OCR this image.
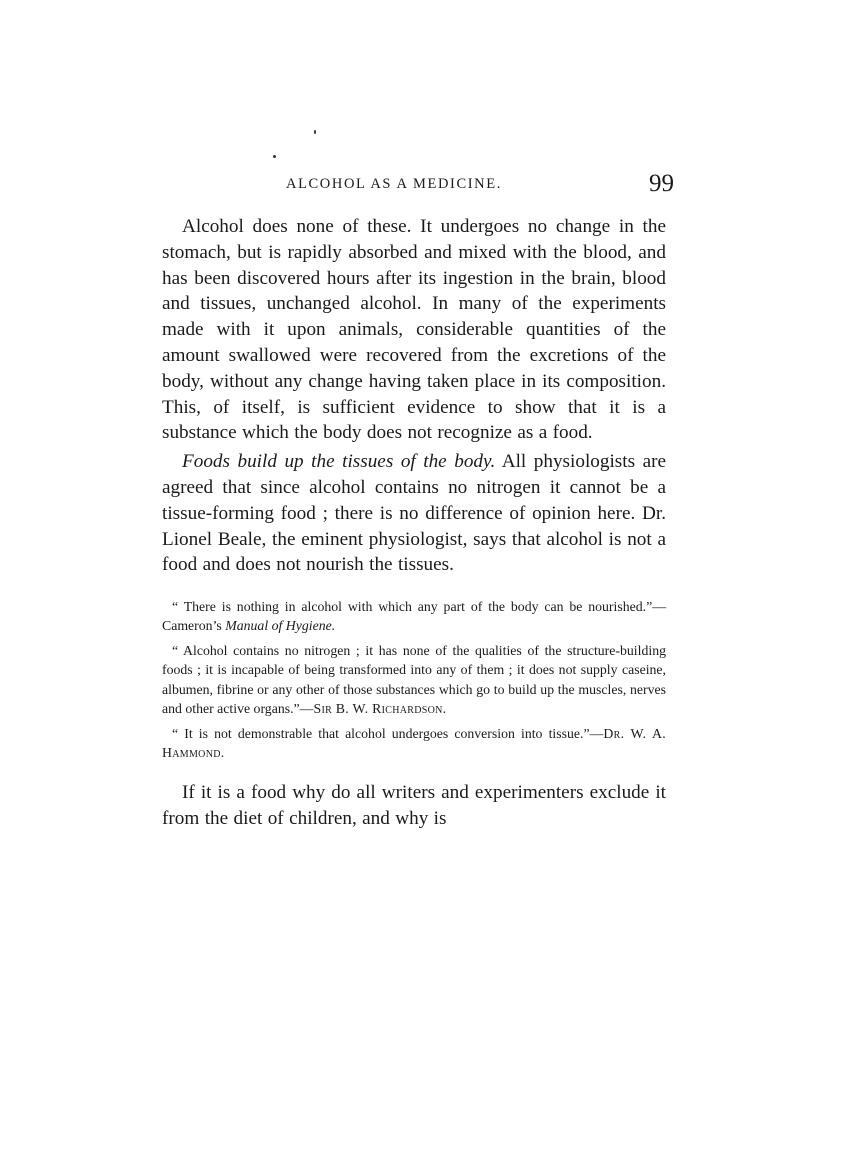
ALCOHOL AS A MEDICINE.	99

Alcohol does none of these. It undergoes no change in the stomach, but is rapidly absorbed and mixed with the blood, and has been discovered hours after its ingestion in the brain, blood and tissues, unchanged alcohol. In many of the experiments made with it upon animals, considerable quantities of the amount swallowed were recovered from the excretions of the body, without any change having taken place in its composition. This, of itself, is sufficient evidence to show that it is a substance which the body does not recognize as a food.

Foods build up the tissues of the body. All physiologists are agreed that since alcohol contains no nitrogen it cannot be a tissue-forming food ; there is no difference of opinion here. Dr. Lionel Beale, the eminent physiologist, says that alcohol is not a food and does not nourish the tissues.

“ There is nothing in alcohol with which any part of the body can be nourished.”—Cameron’s Manual of Hygiene.

“ Alcohol contains no nitrogen ; it has none of the qualities of the structure-building foods ; it is incapable of being transformed into any of them ; it does not supply caseine, albumen, fibrine or any other of those substances which go to build up the muscles, nerves and other active organs.”—Sir B. W. Richardson.

“ It is not demonstrable that alcohol undergoes conversion into tissue.”—Dr. W. A. Hammond.

If it is a food why do all writers and experimenters exclude it from the diet of children, and why is
